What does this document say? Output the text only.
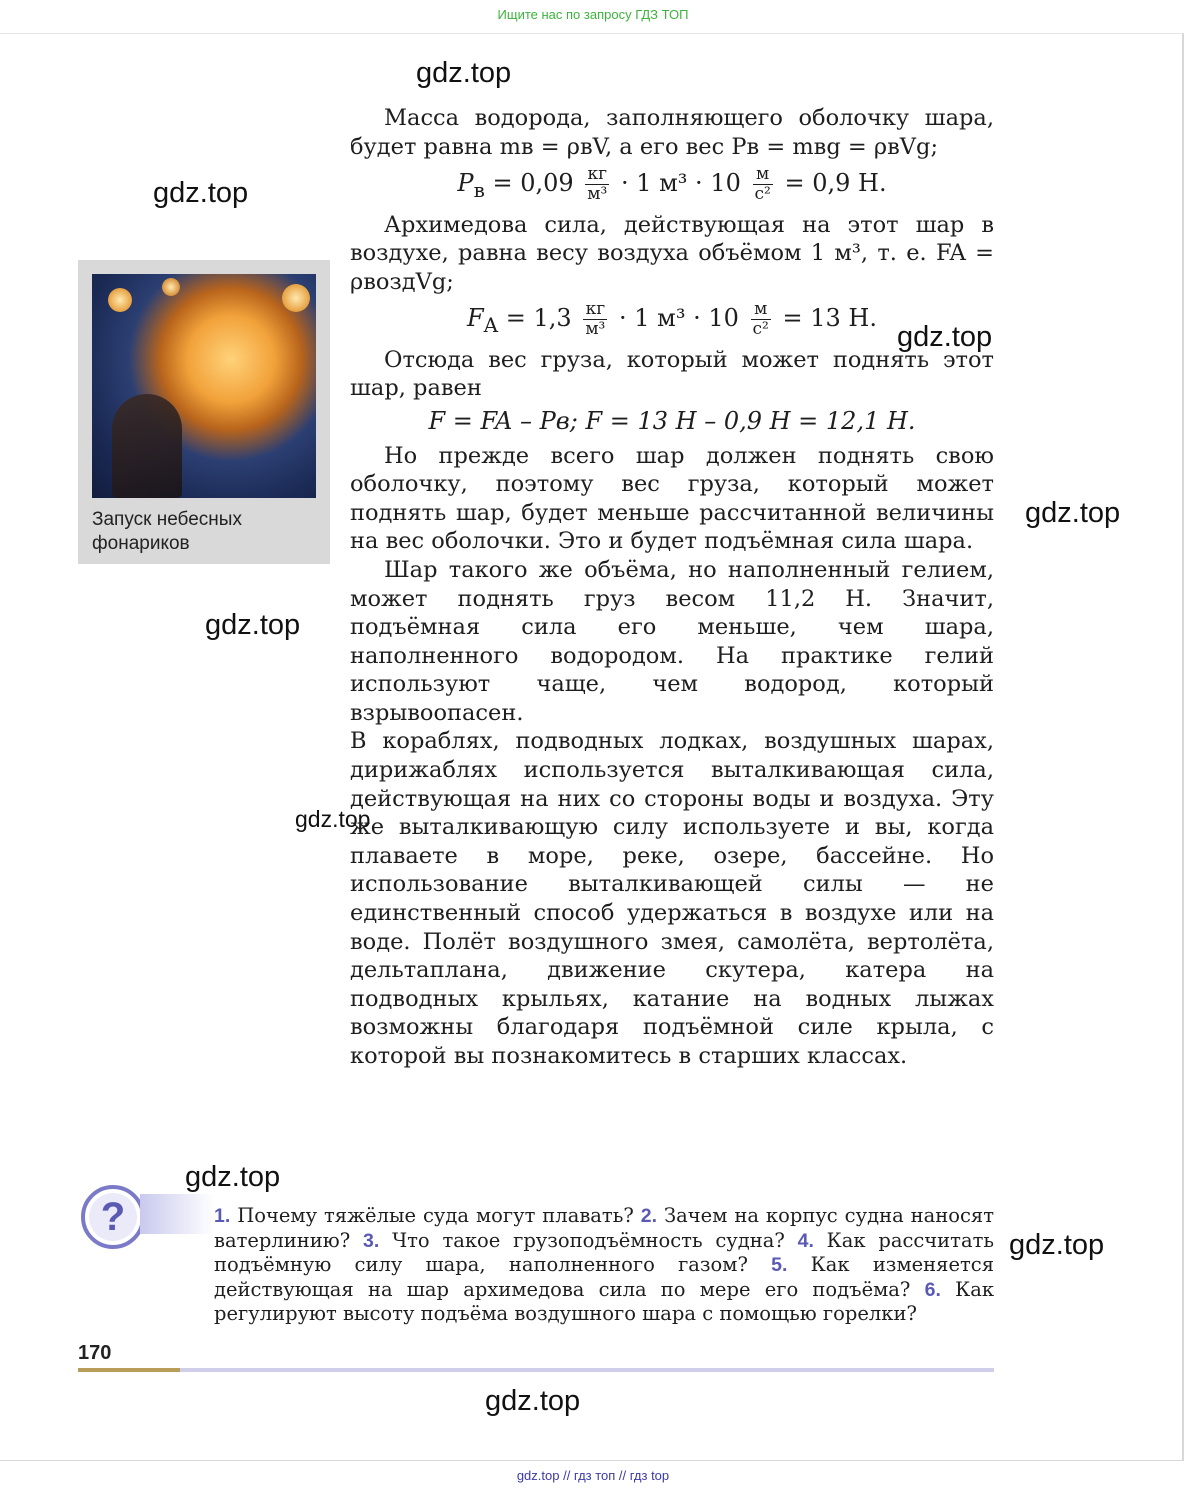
Ищите нас по запросу ГДЗ ТОП
gdz.top
gdz.top
gdz.top
gdz.top
gdz.top
gdz.top
gdz.top
gdz.top
gdz.top
Запуск небесных фонариков

Масса водорода, заполняющего оболочку шара, будет равна mв = ρвV, а его вес Pв = mвg = ρвVg;

$P_в = 0,09 \frac{кг}{\text{м³}} \cdot 1$ $м^3 \cdot 10 \frac{м}{\text{с²}} = 0,9$ Н.

Архимедова сила, действующая на этот шар в воздухе, равна весу воздуха объёмом 1 м³, т. е. FA = ρвоздVg;

$F_A = 1,3 \frac{кг}{\text{м³}} \cdot 1$ $м^3 \cdot 10 \frac{м}{\text{с²}} = 13$ Н.

Отсюда вес груза, который может поднять этот шар, равен

F = FA – Pв; F = 13 Н – 0,9 Н = 12,1 Н.

Но прежде всего шар должен поднять свою оболочку, поэтому вес груза, который может поднять шар, будет меньше рассчитанной величины на вес оболочки. Это и будет подъёмная сила шара.

Шар такого же объёма, но наполненный гелием, может поднять груз весом 11,2 Н. Значит, подъёмная сила его меньше, чем шара, наполненного водородом. На практике гелий используют чаще, чем водород, который взрывоопасен.

В кораблях, подводных лодках, воздушных шарах, дирижаблях используется выталкивающая сила, действующая на них со стороны воды и воздуха. Эту же выталкивающую силу используете и вы, когда плаваете в море, реке, озере, бассейне. Но использование выталкивающей силы — не единственный способ удержаться в воздухе или на воде. Полёт воздушного змея, самолёта, вертолёта, дельтаплана, движение скутера, катера на подводных крыльях, катание на водных лыжах возможны благодаря подъёмной силе крыла, с которой вы познакомитесь в старших классах.

?	1. Почему тяжёлые суда могут плавать? 2. Зачем на корпус судна наносят ватерлинию? 3. Что такое грузоподъёмность судна? 4. Как рассчитать подъёмную силу шара, наполненного газом? 5. Как изменяется действующая на шар архимедова сила по мере его подъёма? 6. Как регулируют высоту подъёма воздушного шара с помощью горелки?
170
gdz.top // гдз топ // гдз top
